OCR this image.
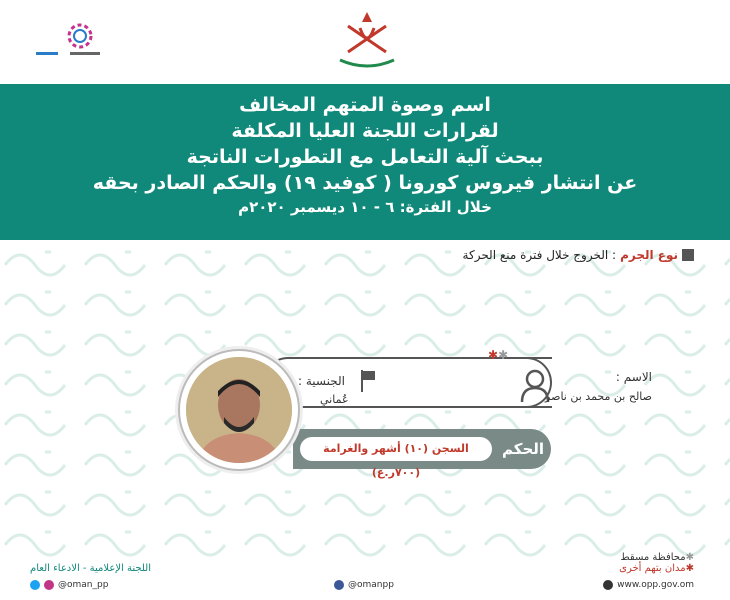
اسم وصوة المتهم المخالف
لقرارات اللجنة العليا المكلفة
ببحث آلية التعامل مع التطورات الناتجة
عن انتشار فيروس كورونا ( كوفيد ١٩) والحكم الصادر بحقه
خلال الفترة: ٦ - ١٠ ديسمبر ٢٠٢٠م
نوع الجرم
: الخروج خلال فترة منع الحركة
✱✱
الاسم :
صالح بن محمد بن ناصر
الجنسية :
عُماني
السجن (١٠) أشهر والغرامة (٧٠٠ر.ع)
الحكم
اللجنة الإعلامية - الادعاء العام
@oman_pp	@omanpp
✱محافظة مسقط
✱مدان بتهم أخرى
www.opp.gov.om
